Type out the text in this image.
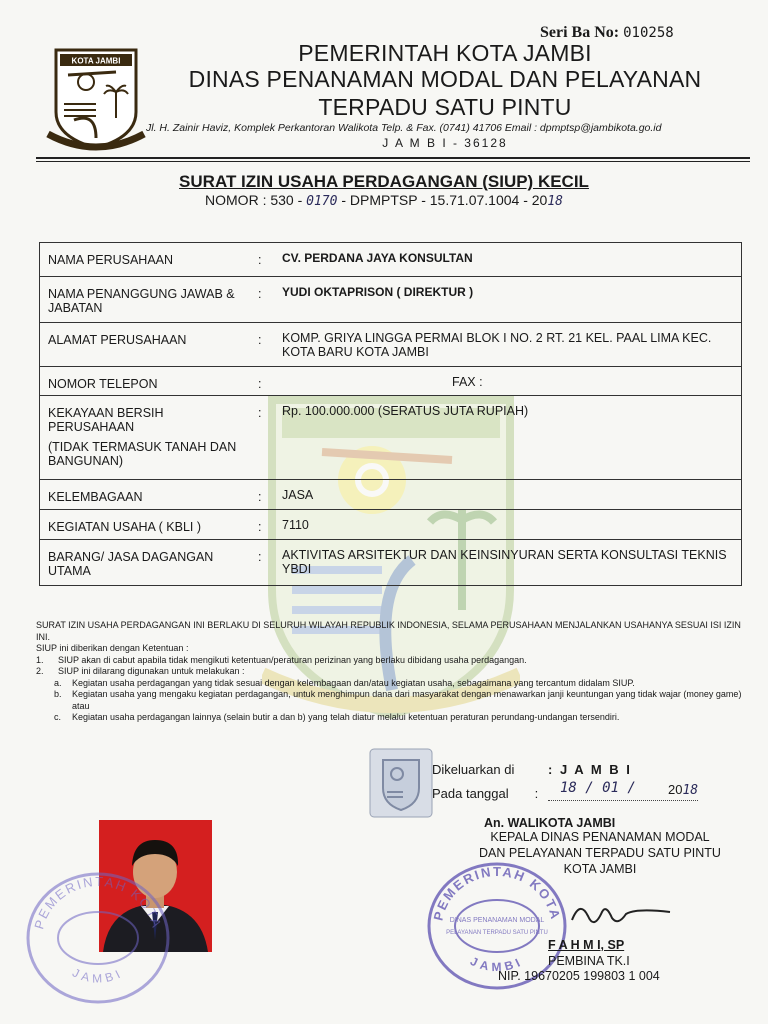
Seri Ba No: 010258
KOTA JAMBI	PEMERINTAH KOTA JAMBI
DINAS PENANAMAN MODAL DAN PELAYANAN
TERPADU SATU PINTU
Jl. H. Zainir Haviz, Komplek Perkantoran Walikota Telp. & Fax. (0741) 41706 Email : dpmptsp@jambikota.go.id
J A M B I - 36128
SURAT IZIN USAHA PERDAGANGAN (SIUP) KECIL
NOMOR : 530 - 0170 - DPMPTSP - 15.71.07.1004 - 2018
NAMA PERUSAHAAN	:	CV. PERDANA JAYA KONSULTAN
NAMA PENANGGUNG JAWAB & JABATAN	:	YUDI OKTAPRISON ( DIREKTUR )
ALAMAT PERUSAHAAN	:	KOMP. GRIYA LINGGA PERMAI BLOK I NO. 2 RT. 21 KEL. PAAL LIMA KEC. KOTA BARU KOTA JAMBI
NOMOR TELEPON	:	FAX :

KEKAYAAN BERSIH PERUSAHAAN
(TIDAK TERMASUK TANAH DAN BANGUNAN)	:	Rp. 100.000.000 (SERATUS JUTA RUPIAH)
KELEMBAGAAN	:	JASA
KEGIATAN USAHA ( KBLI )	:	7110
BARANG/ JASA DAGANGAN UTAMA	:	AKTIVITAS ARSITEKTUR DAN KEINSINYURAN SERTA KONSULTASI TEKNIS YBDI
SURAT IZIN USAHA PERDAGANGAN INI BERLAKU DI SELURUH WILAYAH REPUBLIK INDONESIA, SELAMA PERUSAHAAN MENJALANKAN USAHANYA SESUAI ISI IZIN INI.
SIUP ini diberikan dengan Ketentuan :
1. SIUP akan di cabut apabila tidak mengikuti ketentuan/peraturan perizinan yang berlaku dibidang usaha perdagangan.
2. SIUP ini dilarang digunakan untuk melakukan :
a. Kegiatan usaha perdagangan yang tidak sesuai dengan kelembagaan dan/atau kegiatan usaha, sebagaimana yang tercantum didalam SIUP.
b. Kegiatan usaha yang mengaku kegiatan perdagangan, untuk menghimpun dana dari masyarakat dengan menawarkan janji keuntungan yang tidak wajar (money game) atau
c. Kegiatan usaha perdagangan lainnya (selain butir a dan b) yang telah diatur melalui ketentuan peraturan perundang-undangan tersendiri.
Dikeluarkan di	: J A M B I
Pada tanggal : 18 / 01 / 2018
An. WALIKOTA JAMBI
KEPALA DINAS PENANAMAN MODAL
DAN PELAYANAN TERPADU SATU PINTU
KOTA JAMBI
PEMERINTAH KOTA
JAMBI
DINAS PENANAMAN MODAL
PELAYANAN TERPADU SATU PINTU
F A H M I, SP
PEMBINA TK.I
NIP. 19670205 199803 1 004
PEMERINTAH KOTA
JAMBI
